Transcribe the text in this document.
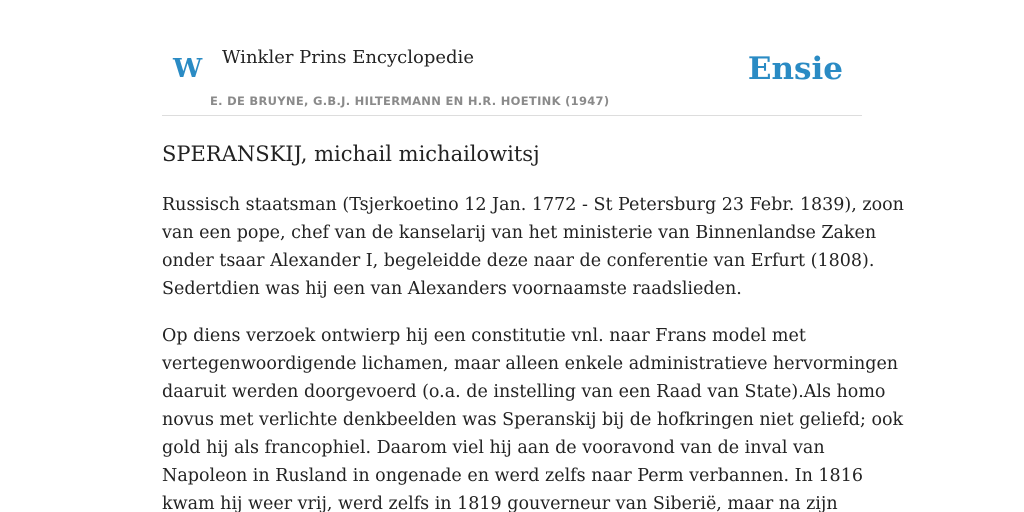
W Winkler Prins Encyclopedie
E. DE BRUYNE, G.B.J. HILTERMANN EN H.R. HOETINK (1947)
Ensie
SPERANSKIJ, michail michailowitsj

Russisch staatsman (Tsjerkoetino 12 Jan. 1772 - St Petersburg 23 Febr. 1839), zoon
van een pope, chef van de kanselarij van het ministerie van Binnenlandse Zaken
onder tsaar Alexander I, begeleidde deze naar de conferentie van Erfurt (1808).
Sedertdien was hij een van Alexanders voornaamste raadslieden.

Op diens verzoek ontwierp hij een constitutie vnl. naar Frans model met
vertegenwoordigende lichamen, maar alleen enkele administratieve hervormingen
daaruit werden doorgevoerd (o.a. de instelling van een Raad van State).Als homo
novus met verlichte denkbeelden was Speranskij bij de hofkringen niet geliefd; ook
gold hij als francophiel. Daarom viel hij aan de vooravond van de inval van
Napoleon in Rusland in ongenade en werd zelfs naar Perm verbannen. In 1816
kwam hij weer vrij, werd zelfs in 1819 gouverneur van Siberië, maar na zijn
